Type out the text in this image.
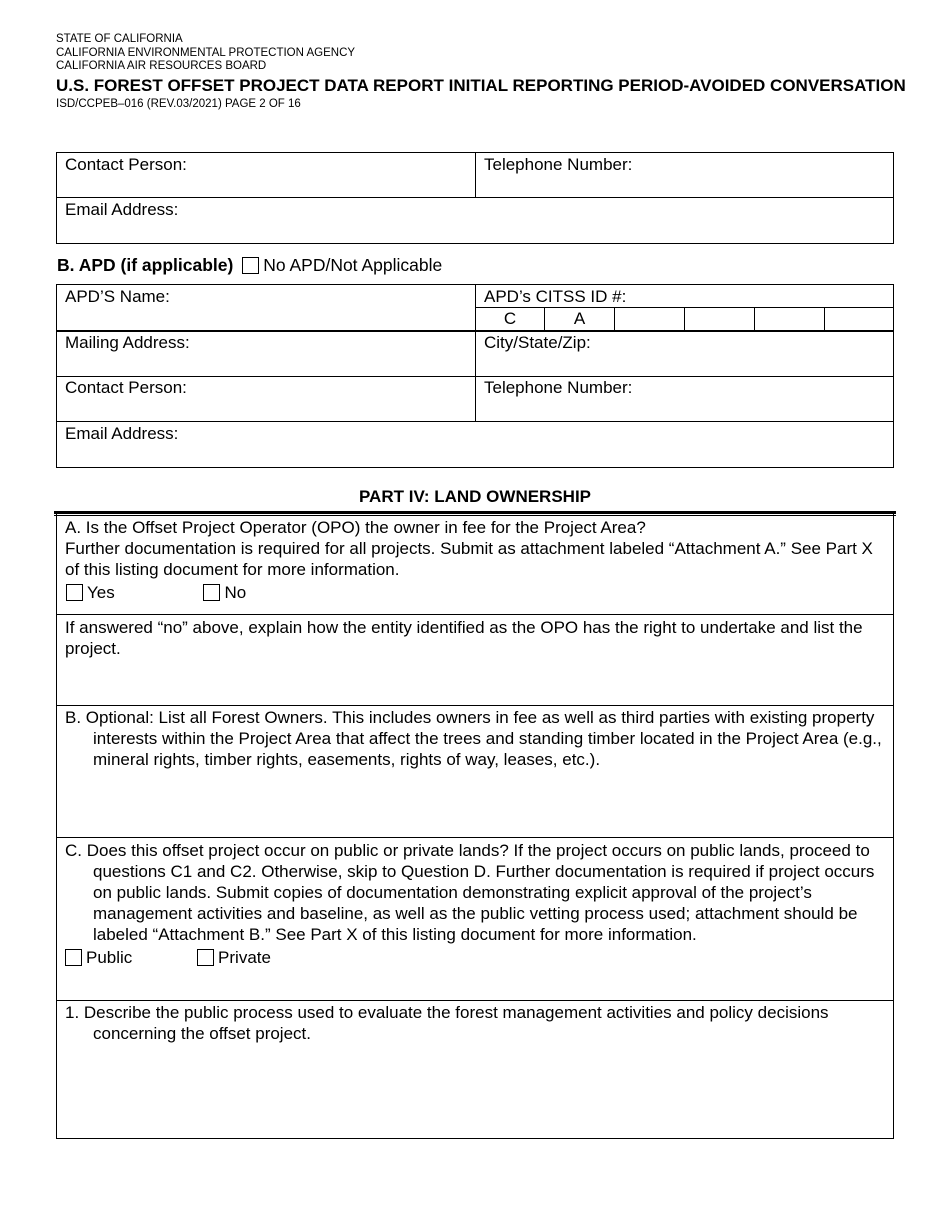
STATE OF CALIFORNIA
CALIFORNIA ENVIRONMENTAL PROTECTION AGENCY
CALIFORNIA AIR RESOURCES BOARD
U.S. FOREST OFFSET PROJECT DATA REPORT INITIAL REPORTING PERIOD-AVOIDED CONVERSATION
ISD/CCPEB–016 (REV.03/2021) PAGE 2 OF 16
Contact Person:	Telephone Number:
Email Address:
B. APD (if applicable) No APD/Not Applicable
APD’S Name:	APD’s CITSS ID #:
C	A
Mailing Address:	City/State/Zip:
Contact Person:	Telephone Number:
Email Address:
PART IV: LAND OWNERSHIP
A. Is the Offset Project Operator (OPO) the owner in fee for the Project Area?
Further documentation is required for all projects. Submit as attachment labeled “Attachment A.” See Part X of this listing document for more information.
Yes	No
If answered “no” above, explain how the entity identified as the OPO has the right to undertake and list the project.
B. Optional: List all Forest Owners. This includes owners in fee as well as third parties with existing property interests within the Project Area that affect the trees and standing timber located in the Project Area (e.g., mineral rights, timber rights, easements, rights of way, leases, etc.).
C. Does this offset project occur on public or private lands? If the project occurs on public lands, proceed to questions C1 and C2. Otherwise, skip to Question D. Further documentation is required if project occurs on public lands. Submit copies of documentation demonstrating explicit approval of the project’s management activities and baseline, as well as the public vetting process used; attachment should be labeled “Attachment B.” See Part X of this listing document for more information.
Public	Private
1. Describe the public process used to evaluate the forest management activities and policy decisions concerning the offset project.
